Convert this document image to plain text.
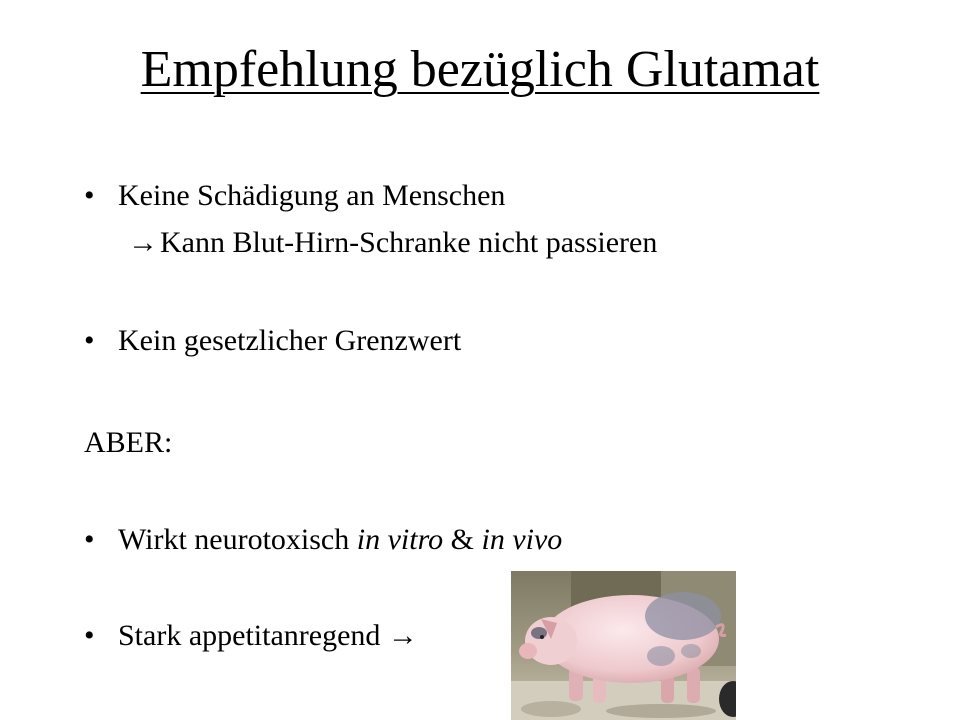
Empfehlung bezüglich Glutamat
• Keine Schädigung an Menschen
→Kann Blut-Hirn-Schranke nicht passieren
• Kein gesetzlicher Grenzwert
ABER:
• Wirkt neurotoxisch in vitro & in vivo
• Stark appetitanregend →
